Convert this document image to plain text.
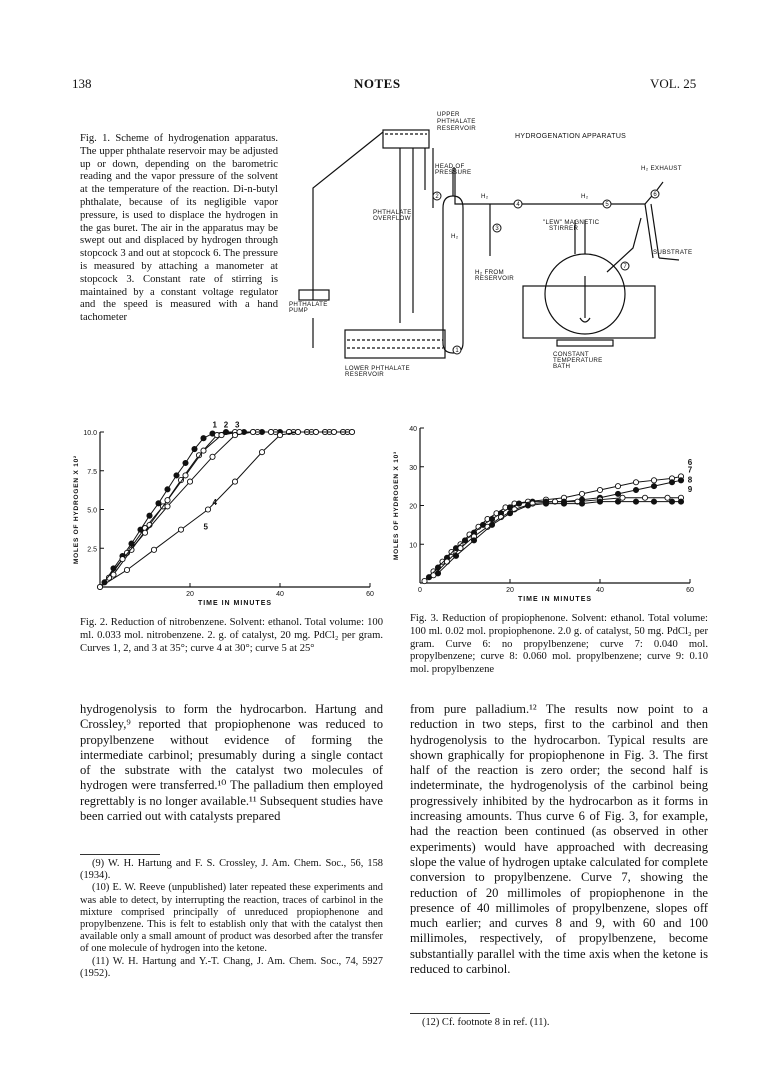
138	NOTES	VOL. 25
Fig. 1. Scheme of hydrogenation apparatus. The upper phthalate reservoir may be adjusted up or down, depending on the barometric reading and the vapor pressure of the solvent at the temperature of the reaction. Di-n-butyl phthalate, because of its negligible vapor pressure, is used to displace the hydrogen in the gas buret. The air in the apparatus may be swept out and displaced by hydrogen through stopcock 3 and out at stopcock 6. The pressure is measured by attaching a manometer at stopcock 3. Constant rate of stirring is maintained by a constant voltage regulator and the speed is measured with a hand tachometer
UPPER
PHTHALATE
RESERVOIR
HYDROGENATION APPARATUS
HEAD OF
PRESSURE
PHTHALATE
OVERFLOW
PHTHALATE
PUMP
LOWER PHTHALATE
RESERVOIR
H₂	H₂
H₂
H₂ FROM
RESERVOIR
"LEW" MAGNETIC
STIRRER
H₂ EXHAUST
SUBSTRATE
CONSTANT
TEMPERATURE
BATH
1
7
3
4	5
6
2
2.5
5.0
7.5
10.0
20	40	60
TIME IN MINUTES
MOLES OF HYDROGEN X 10²
1 2 3
4
5
Fig. 2. Reduction of nitrobenzene. Solvent: ethanol. Total volume: 100 ml. 0.033 mol. nitrobenzene. 2. g. of catalyst, 20 mg. PdCl₂ per gram. Curves 1, 2, and 3 at 35°; curve 4 at 30°; curve 5 at 25°
10
20
30
40
0	20	40	60
TIME IN MINUTES
MOLES OF HYDROGEN X 10³	6
7
8
9
Fig. 3. Reduction of propiophenone. Solvent: ethanol. Total volume: 100 ml. 0.02 mol. propiophenone. 2.0 g. of catalyst, 50 mg. PdCl₂ per gram. Curve 6: no propylbenzene; curve 7: 0.040 mol. propylbenzene; curve 8: 0.060 mol. propylbenzene; curve 9: 0.10 mol. propylbenzene

hydrogenolysis to form the hydrocarbon. Hartung and Crossley,⁹ reported that propiophenone was reduced to propylbenzene without evidence of forming the intermediate carbinol; presumably during a single contact of the substrate with the catalyst two molecules of hydrogen were transferred.¹⁰ The palladium then employed regrettably is no longer available.¹¹ Subsequent studies have been carried out with catalysts prepared

from pure palladium.¹² The results now point to a reduction in two steps, first to the carbinol and then hydrogenolysis to the hydrocarbon. Typical results are shown graphically for propiophenone in Fig. 3. The first half of the reaction is zero order; the second half is indeterminate, the hydrogenolysis of the carbinol being progressively inhibited by the hydrocarbon as it forms in increasing amounts. Thus curve 6 of Fig. 3, for example, had the reaction been continued (as observed in other experiments) would have approached with decreasing slope the value of hydrogen uptake calculated for complete conversion to propylbenzene. Curve 7, showing the reduction of 20 millimoles of propiophenone in the presence of 40 millimoles of propylbenzene, slopes off much earlier; and curves 8 and 9, with 60 and 100 millimoles, respectively, of propylbenzene, become substantially parallel with the time axis when the ketone is reduced to carbinol.

(9) W. H. Hartung and F. S. Crossley, J. Am. Chem. Soc., 56, 158 (1934).

(10) E. W. Reeve (unpublished) later repeated these experiments and was able to detect, by interrupting the reaction, traces of carbinol in the mixture comprised principally of unreduced propiophenone and propylbenzene. This is felt to establish only that with the catalyst then available only a small amount of product was desorbed after the transfer of one molecule of hydrogen into the ketone.

(11) W. H. Hartung and Y.-T. Chang, J. Am. Chem. Soc., 74, 5927 (1952).

(12) Cf. footnote 8 in ref. (11).
